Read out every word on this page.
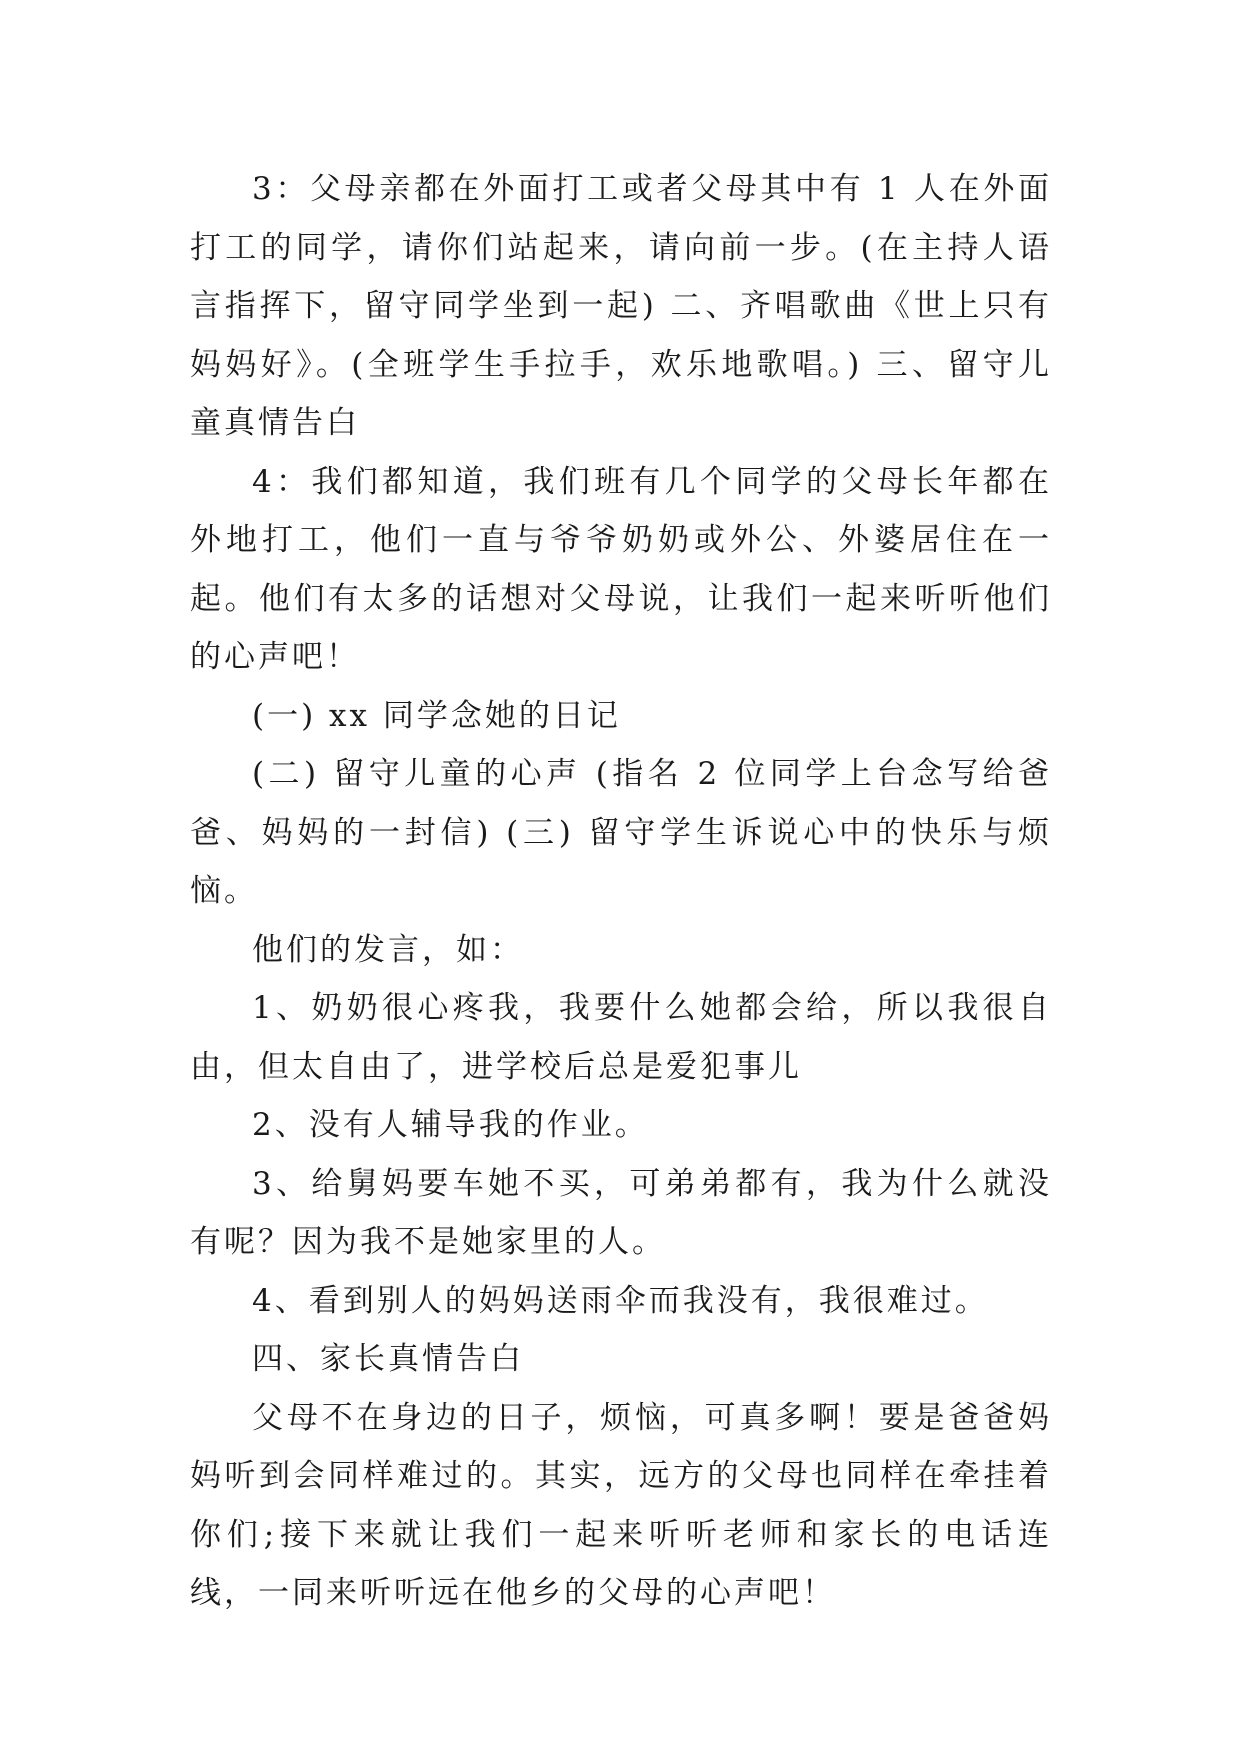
3：父母亲都在外面打工或者父母其中有 1 人在外面打工的同学，请你们站起来，请向前一步。(在主持人语言指挥下，留守同学坐到一起) 二、齐唱歌曲《世上只有妈妈好》。(全班学生手拉手，欢乐地歌唱。) 三、留守儿童真情告白

4：我们都知道，我们班有几个同学的父母长年都在外地打工，他们一直与爷爷奶奶或外公、外婆居住在一起。他们有太多的话想对父母说，让我们一起来听听他们的心声吧！

(一) xx 同学念她的日记

(二) 留守儿童的心声 (指名 2 位同学上台念写给爸爸、妈妈的一封信) (三) 留守学生诉说心中的快乐与烦恼。

他们的发言，如：

1、奶奶很心疼我，我要什么她都会给，所以我很自由，但太自由了，进学校后总是爱犯事儿

2、没有人辅导我的作业。

3、给舅妈要车她不买，可弟弟都有，我为什么就没有呢？因为我不是她家里的人。

4、看到别人的妈妈送雨伞而我没有，我很难过。

四、家长真情告白

父母不在身边的日子，烦恼，可真多啊！要是爸爸妈妈听到会同样难过的。其实，远方的父母也同样在牵挂着你们;接下来就让我们一起来听听老师和家长的电话连线，一同来听听远在他乡的父母的心声吧！
